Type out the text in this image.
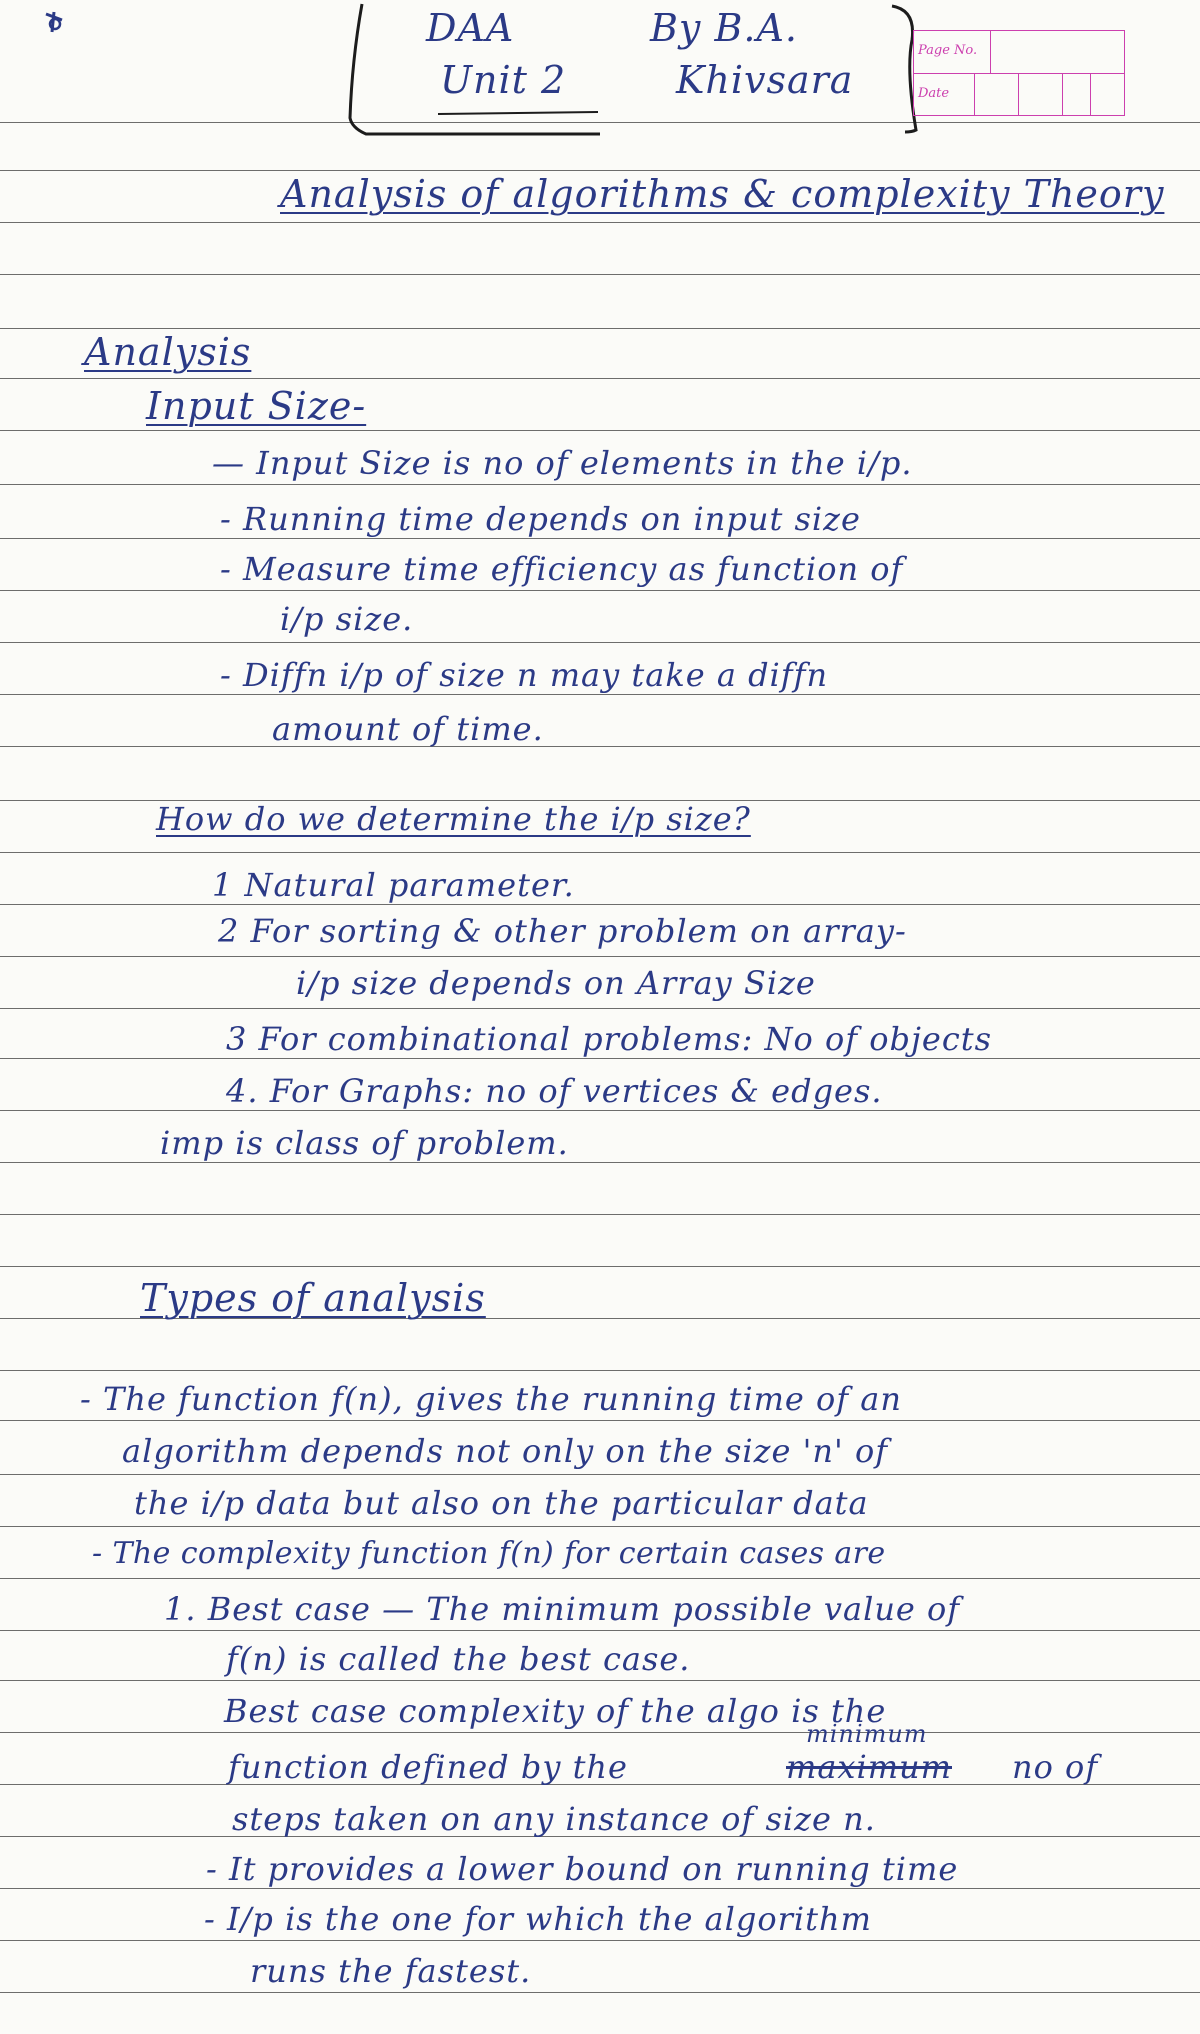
DAA
Unit 2
By B.A.
Khivsara
Page No.
Date
Analysis of algorithms & complexity Theory
Analysis
Input Size-
— Input Size is no of elements in the i/p.
- Running time depends on input size
- Measure time efficiency as function of
i/p size.
- Diffn i/p of size n may take a diffn
amount of time.
How do we determine the i/p size?
1 Natural parameter.
2 For sorting & other problem on array-
i/p size depends on Array Size
3 For combinational problems: No of objects
4. For Graphs: no of vertices & edges.
imp is class of problem.
Types of analysis
- The function f(n), gives the running time of an
algorithm depends not only on the size 'n' of
the i/p data but also on the particular data
- The complexity function f(n) for certain cases are
1. Best case — The minimum possible value of
f(n) is called the best case.
Best case complexity of the algo is the
minimum
function defined by the	maximum no of
steps taken on any instance of size n.
- It provides a lower bound on running time
- I/p is the one for which the algorithm
runs the fastest.
